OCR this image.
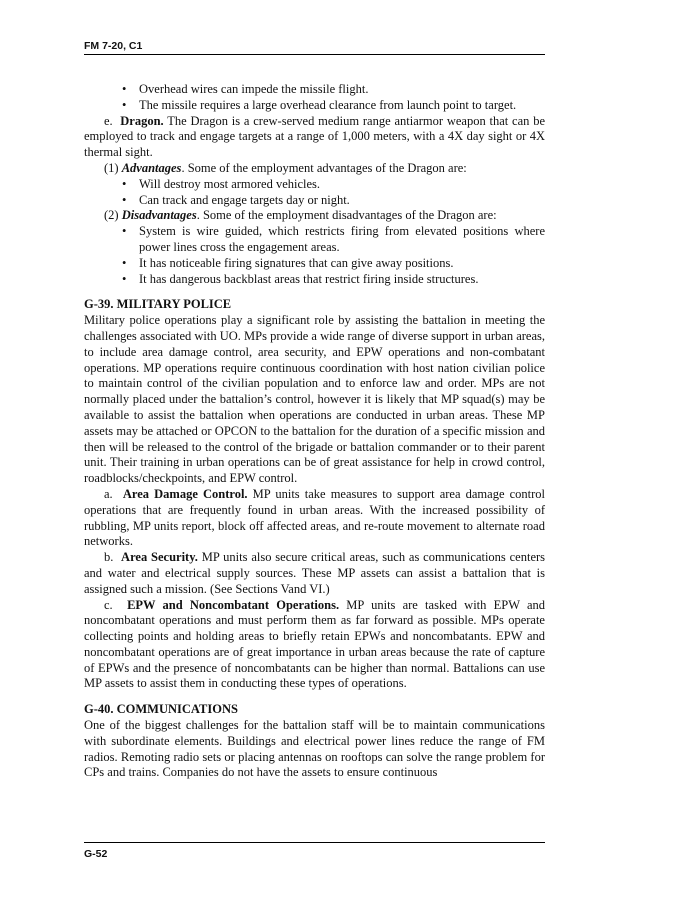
FM 7-20, C1
•	Overhead wires can impede the missile flight.
•	The missile requires a large overhead clearance from launch point to target.

e. Dragon. The Dragon is a crew-served medium range antiarmor weapon that can be employed to track and engage targets at a range of 1,000 meters, with a 4X day sight or 4X thermal sight.

(1) Advantages. Some of the employment advantages of the Dragon are:

•	Will destroy most armored vehicles.
•	Can track and engage targets day or night.

(2) Disadvantages. Some of the employment disadvantages of the Dragon are:

•	System is wire guided, which restricts firing from elevated positions where power lines cross the engagement areas.
•	It has noticeable firing signatures that can give away positions.
•	It has dangerous backblast areas that restrict firing inside structures.
G-39. MILITARY POLICE

Military police operations play a significant role by assisting the battalion in meeting the challenges associated with UO. MPs provide a wide range of diverse support in urban areas, to include area damage control, area security, and EPW operations and non-combatant operations. MP operations require continuous coordination with host nation civilian police to maintain control of the civilian population and to enforce law and order. MPs are not normally placed under the battalion’s control, however it is likely that MP squad(s) may be available to assist the battalion when operations are conducted in urban areas. These MP assets may be attached or OPCON to the battalion for the duration of a specific mission and then will be released to the control of the brigade or battalion commander or to their parent unit. Their training in urban operations can be of great assistance for help in crowd control, roadblocks/checkpoints, and EPW control.

a. Area Damage Control. MP units take measures to support area damage control operations that are frequently found in urban areas. With the increased possibility of rubbling, MP units report, block off affected areas, and re-route movement to alternate road networks.

b. Area Security. MP units also secure critical areas, such as communications centers and water and electrical supply sources. These MP assets can assist a battalion that is assigned such a mission. (See Sections Vand VI.)

c. EPW and Noncombatant Operations. MP units are tasked with EPW and noncombatant operations and must perform them as far forward as possible. MPs operate collecting points and holding areas to briefly retain EPWs and noncombatants. EPW and noncombatant operations are of great importance in urban areas because the rate of capture of EPWs and the presence of noncombatants can be higher than normal. Battalions can use MP assets to assist them in conducting these types of operations.

G-40. COMMUNICATIONS

One of the biggest challenges for the battalion staff will be to maintain communications with subordinate elements. Buildings and electrical power lines reduce the range of FM radios. Remoting radio sets or placing antennas on rooftops can solve the range problem for CPs and trains. Companies do not have the assets to ensure continuous

G-52
